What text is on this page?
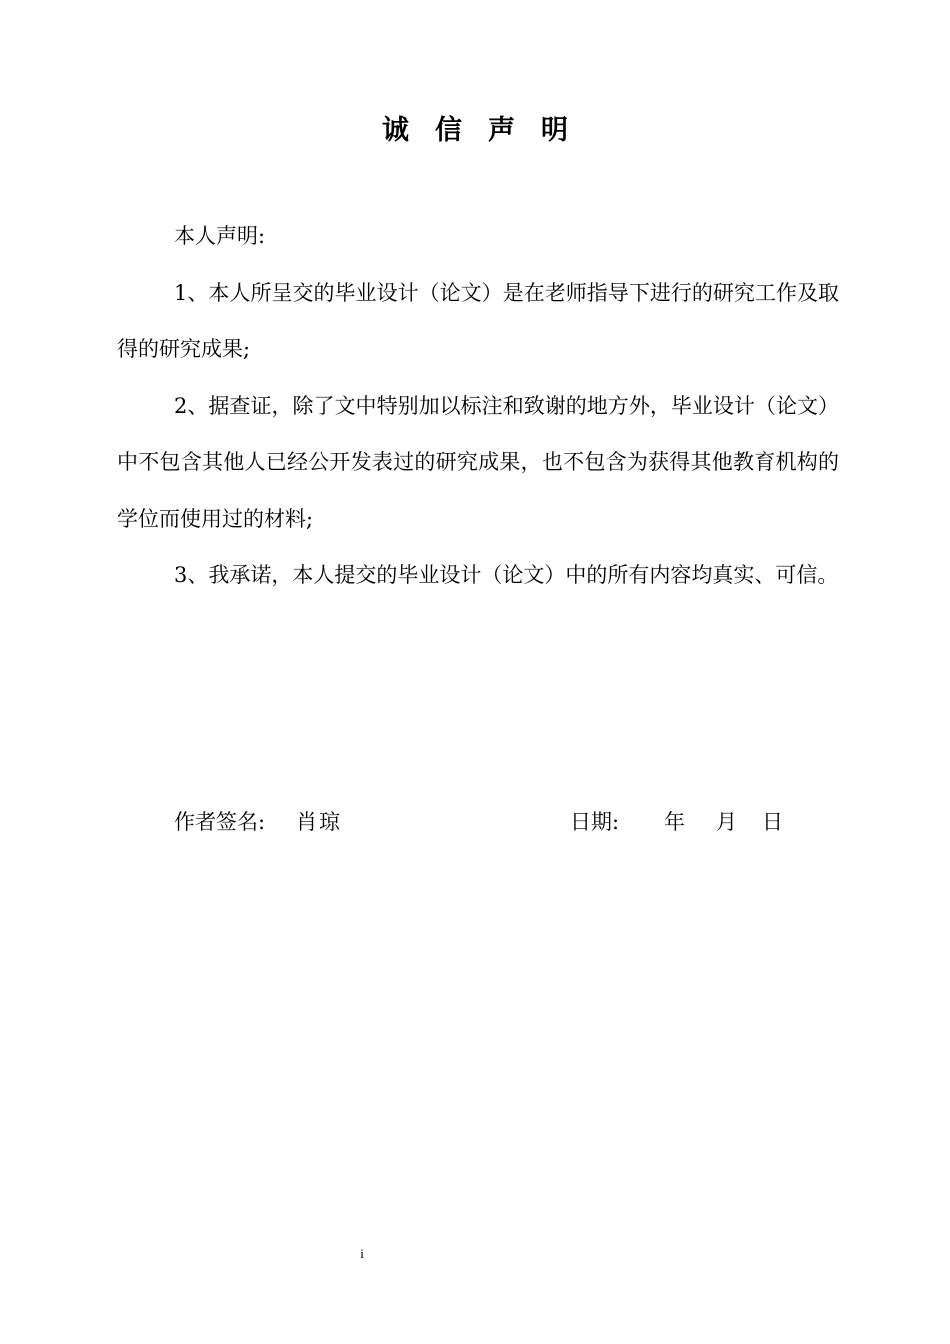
诚信声明

本人声明:

1、本人所呈交的毕业设计（论文）是在老师指导下进行的研究工作及取得的研究成果;

2、据查证，除了文中特别加以标注和致谢的地方外，毕业设计（论文）中不包含其他人已经公开发表过的研究成果，也不包含为获得其他教育机构的学位而使用过的材料;

3、我承诺，本人提交的毕业设计（论文）中的所有内容均真实、可信。

作者签名: 肖琼	日期: 年 月 日
i
